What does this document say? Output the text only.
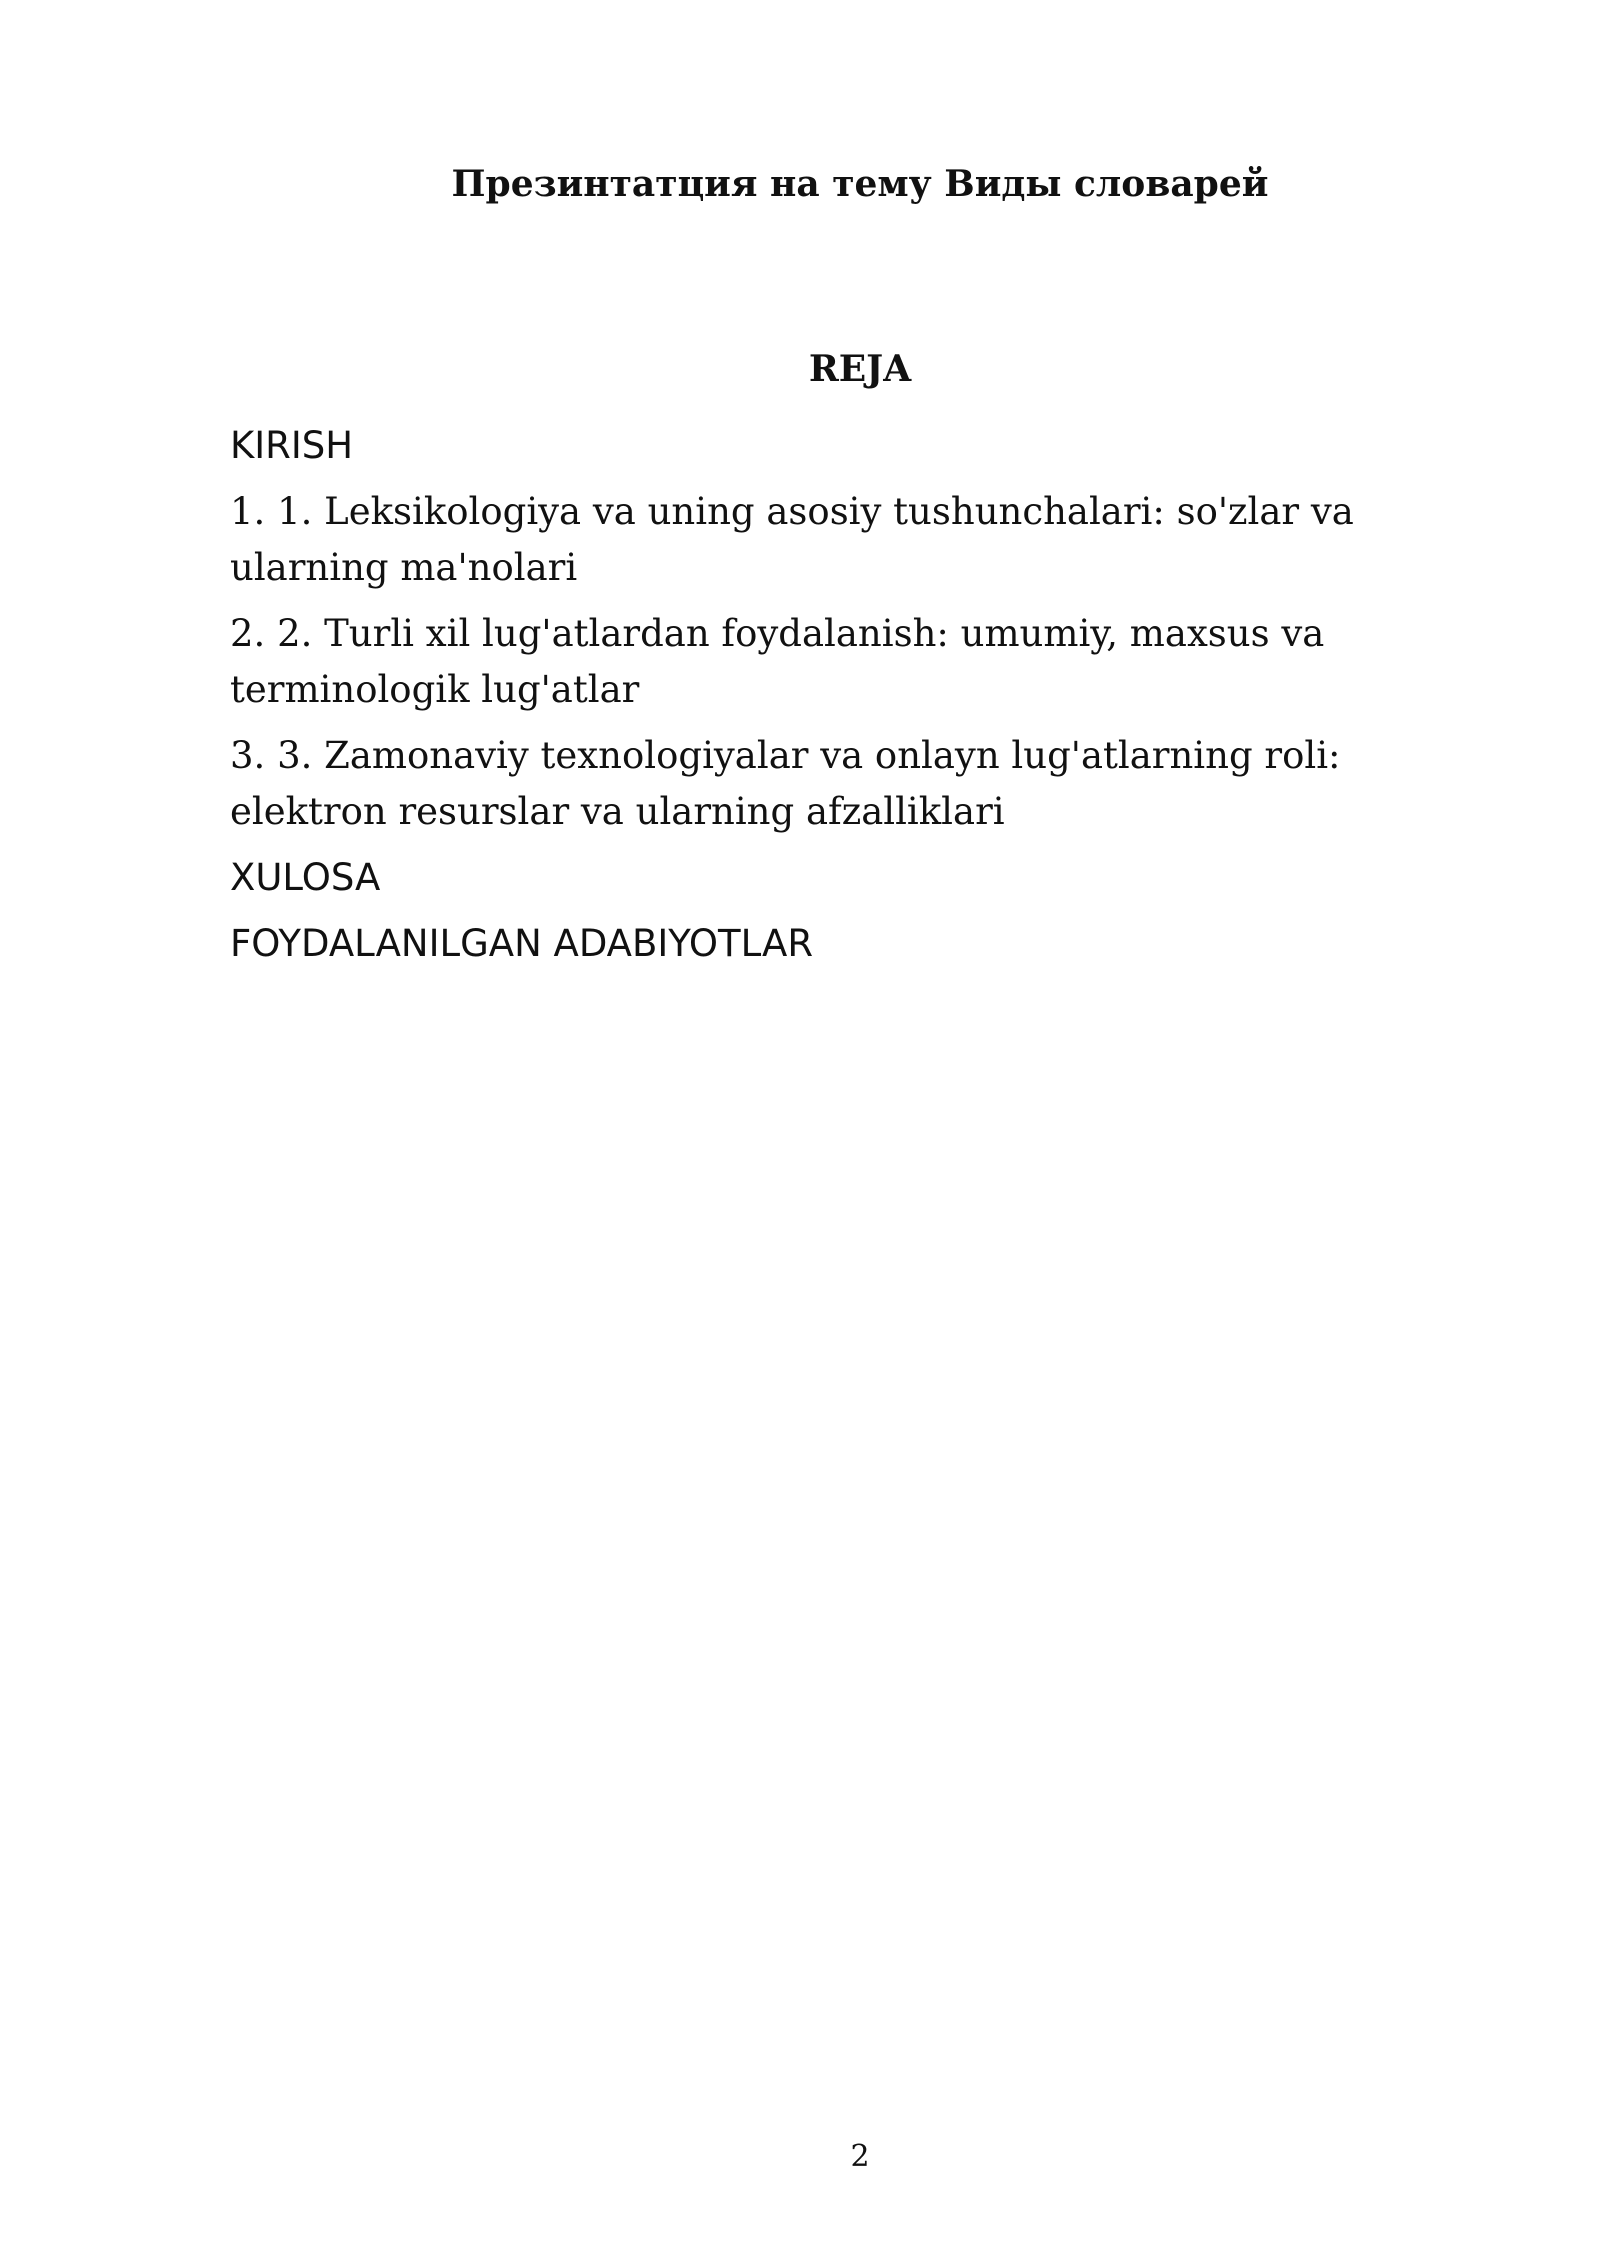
Презинтатция на тему Виды словарей
REJA
KIRISH
1. 1. Leksikologiya va uning asosiy tushunchalari: so'zlar va ularning ma'nolari
2. 2. Turli xil lug'atlardan foydalanish: umumiy, maxsus va terminologik lug'atlar
3. 3. Zamonaviy texnologiyalar va onlayn lug'atlarning roli: elektron resurslar va ularning afzalliklari
XULOSA
FOYDALANILGAN ADABIYOTLAR
2
